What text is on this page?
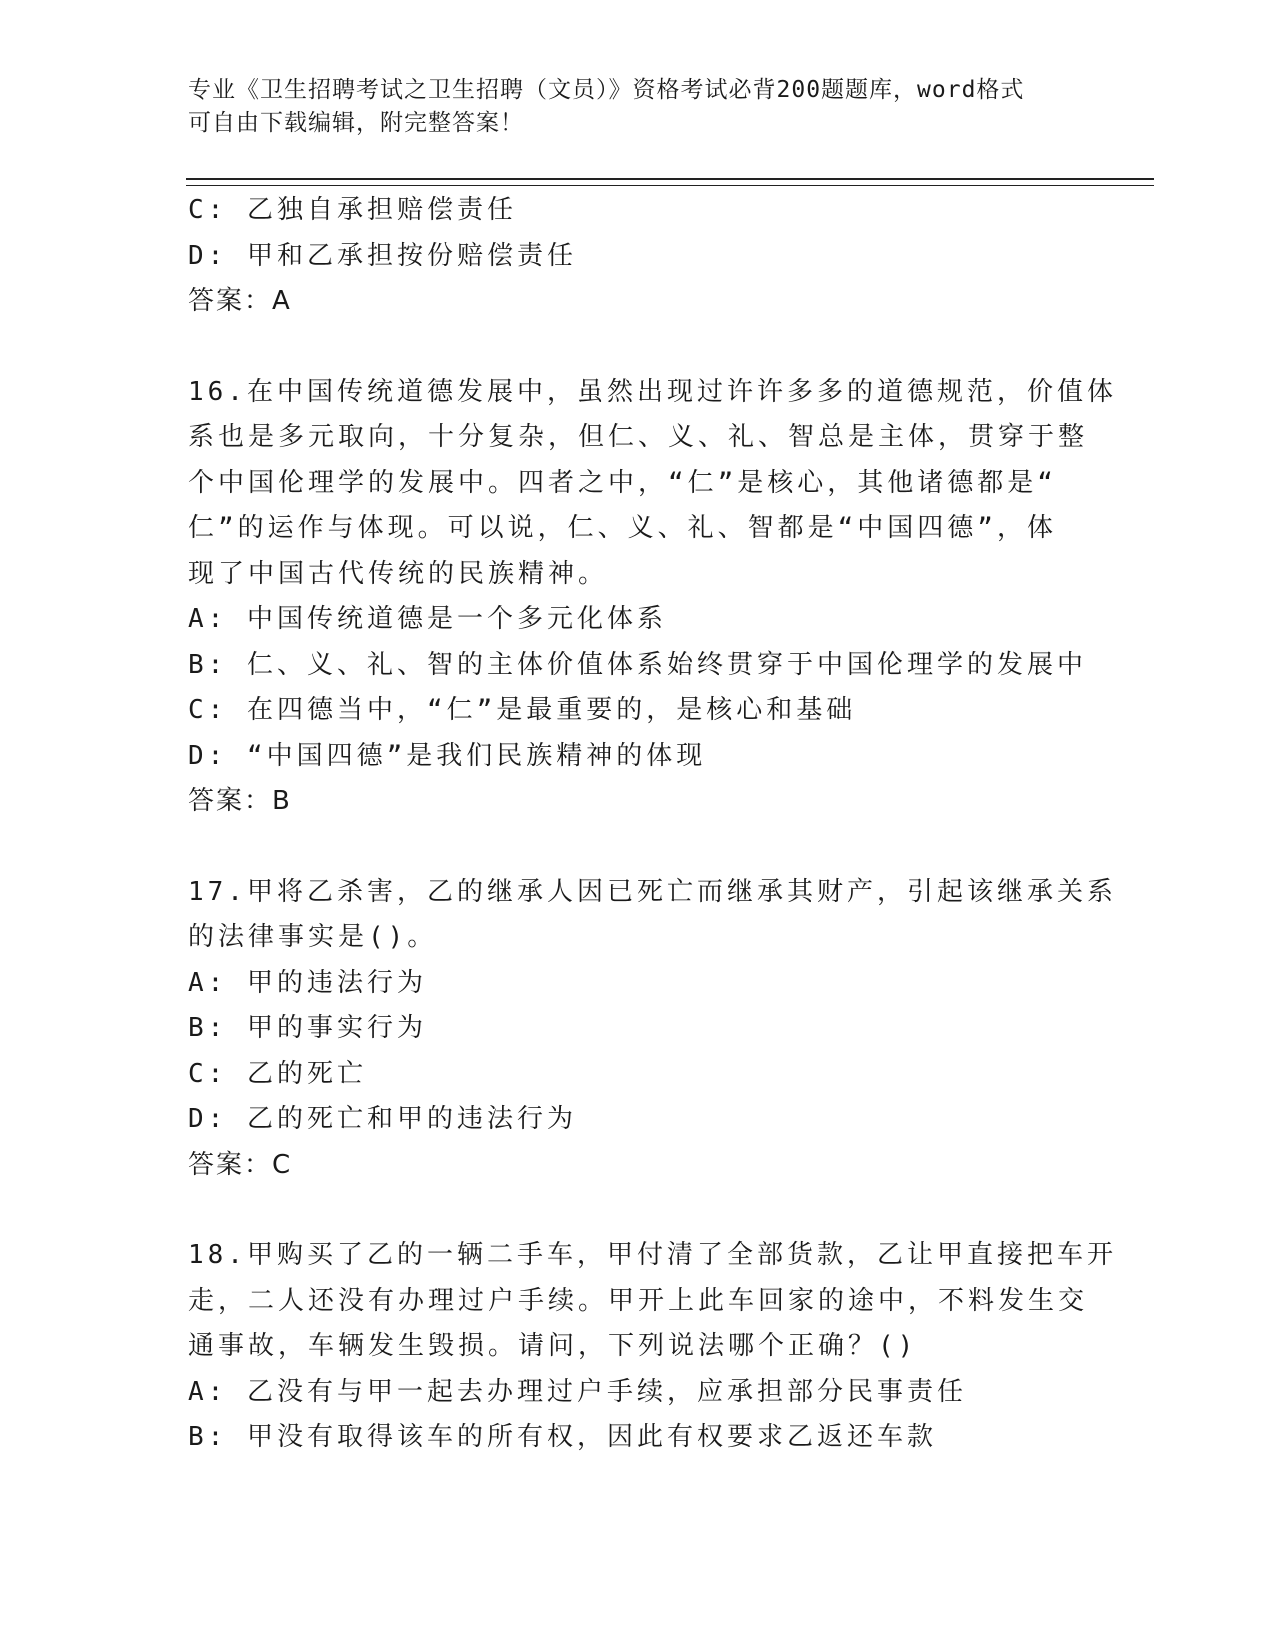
专业《卫生招聘考试之卫生招聘（文员）》资格考试必背200题题库，word格式
可自由下载编辑，附完整答案！
C: 乙独自承担赔偿责任
D: 甲和乙承担按份赔偿责任
答案：A
16.在中国传统道德发展中，虽然出现过许许多多的道德规范，价值体
系也是多元取向，十分复杂，但仁、义、礼、智总是主体，贯穿于整
个中国伦理学的发展中。四者之中，“仁”是核心，其他诸德都是“
仁”的运作与体现。可以说，仁、义、礼、智都是“中国四德”，体
现了中国古代传统的民族精神。
A: 中国传统道德是一个多元化体系
B: 仁、义、礼、智的主体价值体系始终贯穿于中国伦理学的发展中
C: 在四德当中，“仁”是最重要的，是核心和基础
D: “中国四德”是我们民族精神的体现
答案：B
17.甲将乙杀害，乙的继承人因已死亡而继承其财产，引起该继承关系
的法律事实是()。
A: 甲的违法行为
B: 甲的事实行为
C: 乙的死亡
D: 乙的死亡和甲的违法行为
答案：C
18.甲购买了乙的一辆二手车，甲付清了全部货款，乙让甲直接把车开
走，二人还没有办理过户手续。甲开上此车回家的途中，不料发生交
通事故，车辆发生毁损。请问，下列说法哪个正确？()
A: 乙没有与甲一起去办理过户手续，应承担部分民事责任
B: 甲没有取得该车的所有权，因此有权要求乙返还车款
